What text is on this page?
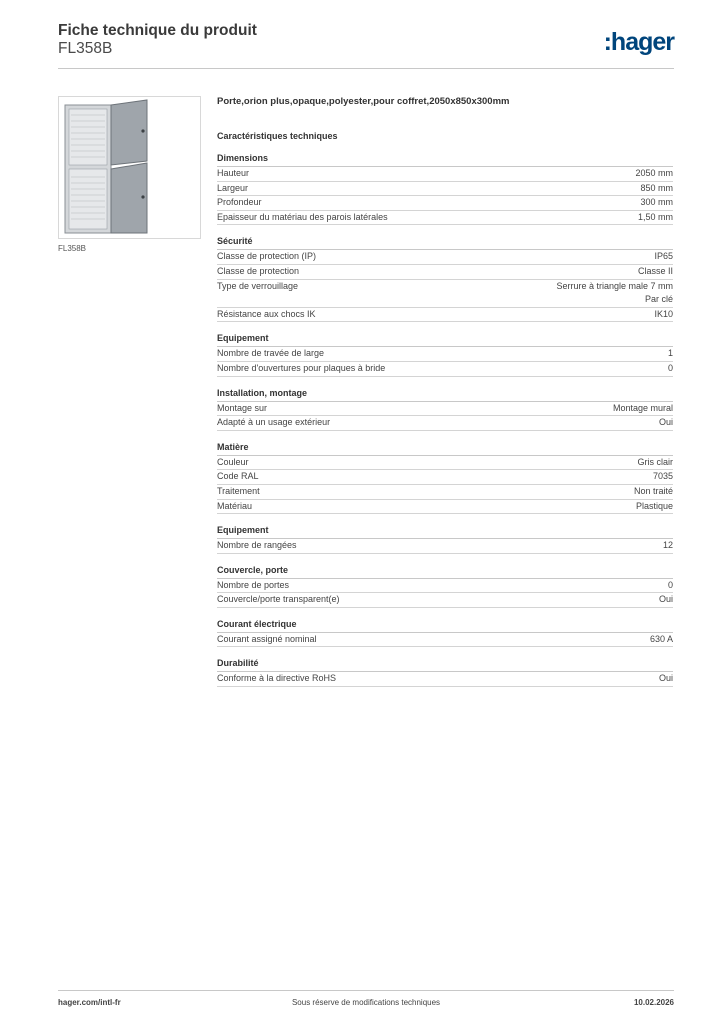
Fiche technique du produit
FL358B	:hager
FL358B
Porte,orion plus,opaque,polyester,pour coffret,2050x850x300mm
Caractéristiques techniques
Dimensions
Hauteur	2050 mm
Largeur	850 mm
Profondeur	300 mm
Epaisseur du matériau des parois latérales	1,50 mm
Sécurité
Classe de protection (IP)	IP65
Classe de protection	Classe II
Type de verrouillage	Serrure à triangle male 7 mm
Par clé
Résistance aux chocs IK	IK10
Equipement
Nombre de travée de large	1
Nombre d'ouvertures pour plaques à bride	0
Installation, montage
Montage sur	Montage mural
Adapté à un usage extérieur	Oui
Matière
Couleur	Gris clair
Code RAL	7035
Traitement	Non traité
Matériau	Plastique
Equipement
Nombre de rangées	12
Couvercle, porte
Nombre de portes	0
Couvercle/porte transparent(e)	Oui
Courant électrique
Courant assigné nominal	630 A
Durabilité
Conforme à la directive RoHS	Oui
hager.com/intl-fr	Sous réserve de modifications techniques	10.02.2026
